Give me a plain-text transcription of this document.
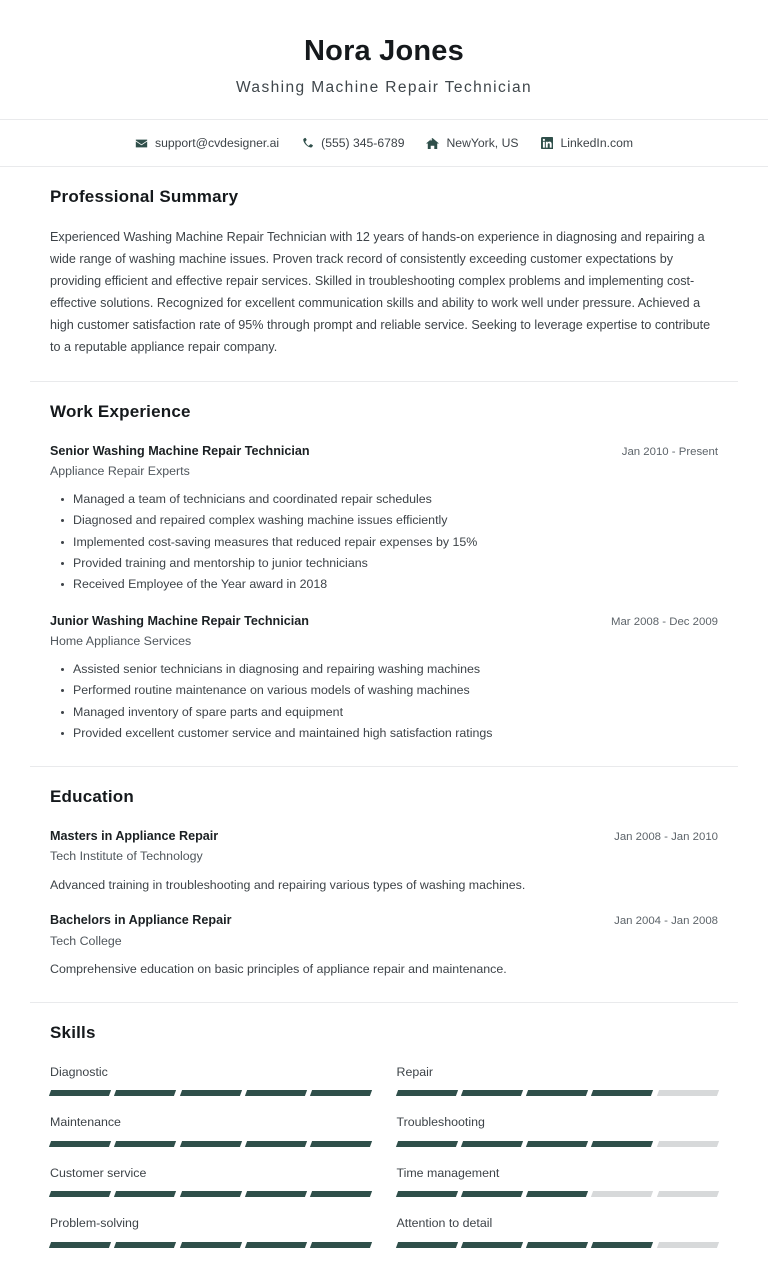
Nora Jones
Washing Machine Repair Technician
support@cvdesigner.ai	(555) 345-6789	NewYork, US	LinkedIn.com
Professional Summary
Experienced Washing Machine Repair Technician with 12 years of hands-on experience in diagnosing and repairing a wide range of washing machine issues. Proven track record of consistently exceeding customer expectations by providing efficient and effective repair services. Skilled in troubleshooting complex problems and implementing cost-effective solutions. Recognized for excellent communication skills and ability to work well under pressure. Achieved a high customer satisfaction rate of 95% through prompt and reliable service. Seeking to leverage expertise to contribute to a reputable appliance repair company.
Work Experience
Senior Washing Machine Repair Technician	Jan 2010 - Present
Appliance Repair Experts
Managed a team of technicians and coordinated repair schedules
Diagnosed and repaired complex washing machine issues efficiently
Implemented cost-saving measures that reduced repair expenses by 15%
Provided training and mentorship to junior technicians
Received Employee of the Year award in 2018
Junior Washing Machine Repair Technician	Mar 2008 - Dec 2009
Home Appliance Services
Assisted senior technicians in diagnosing and repairing washing machines
Performed routine maintenance on various models of washing machines
Managed inventory of spare parts and equipment
Provided excellent customer service and maintained high satisfaction ratings
Education
Masters in Appliance Repair	Jan 2008 - Jan 2010
Tech Institute of Technology
Advanced training in troubleshooting and repairing various types of washing machines.
Bachelors in Appliance Repair	Jan 2004 - Jan 2008
Tech College
Comprehensive education on basic principles of appliance repair and maintenance.
Skills
Diagnostic	Repair
Maintenance	Troubleshooting
Customer service	Time management
Problem-solving	Attention to detail
